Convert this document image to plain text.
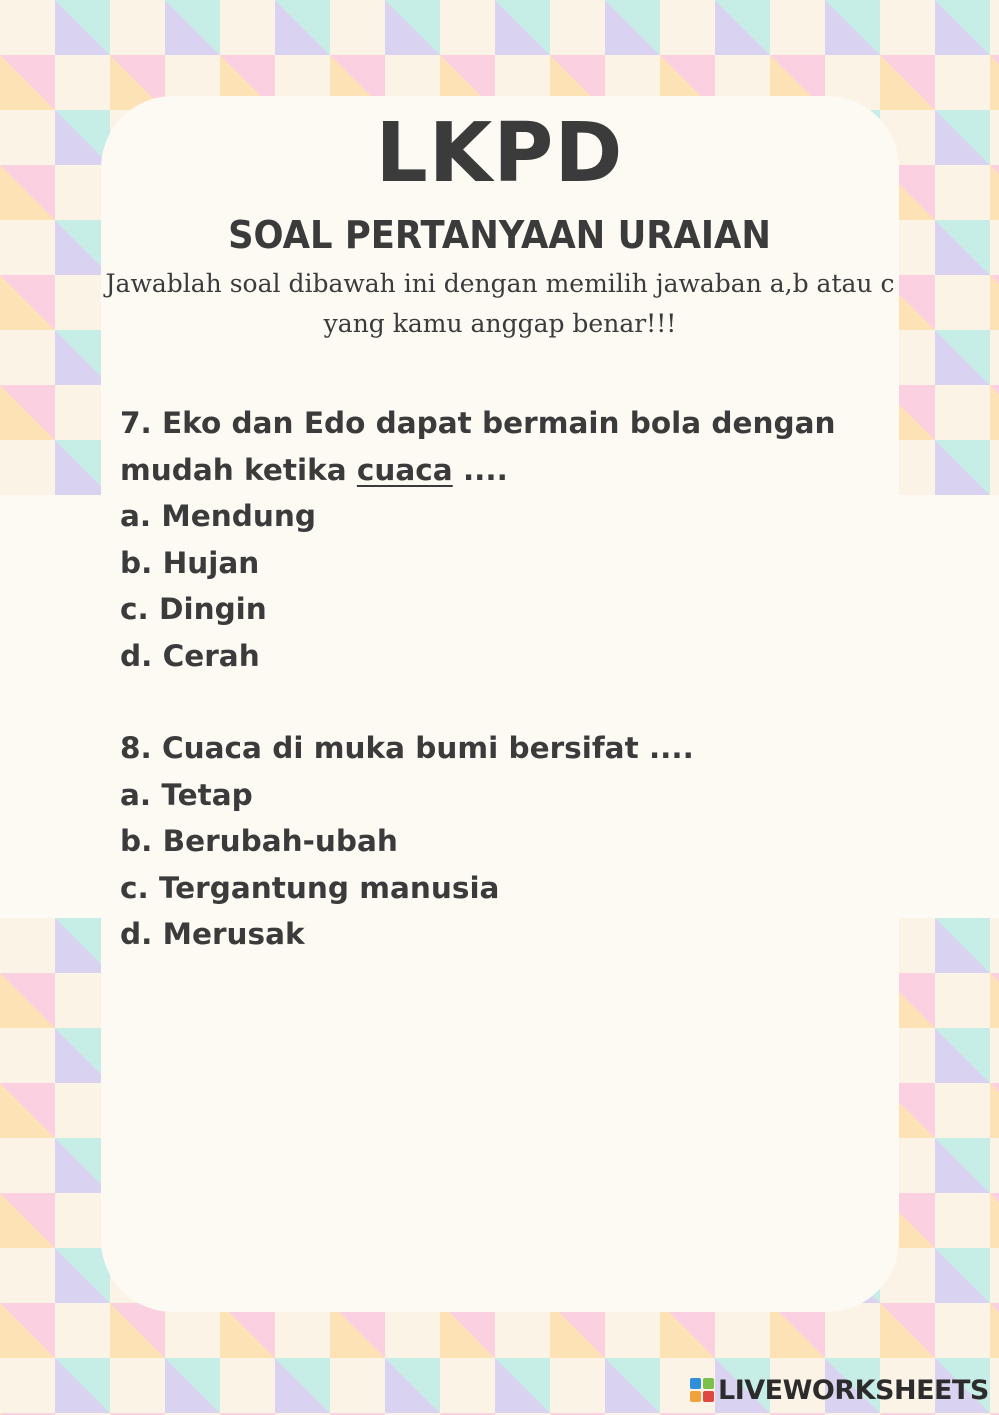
LKPD
SOAL PERTANYAAN URAIAN
Jawablah soal dibawah ini dengan memilih jawaban a,b atau c yang kamu anggap benar!!!
7. Eko dan Edo dapat bermain bola dengan
mudah ketika cuaca ....
a. Mendung
b. Hujan
c. Dingin
d. Cerah
8. Cuaca di muka bumi bersifat ....
a. Tetap
b. Berubah-ubah
c. Tergantung manusia
d. Merusak
LIVEWORKSHEETS
